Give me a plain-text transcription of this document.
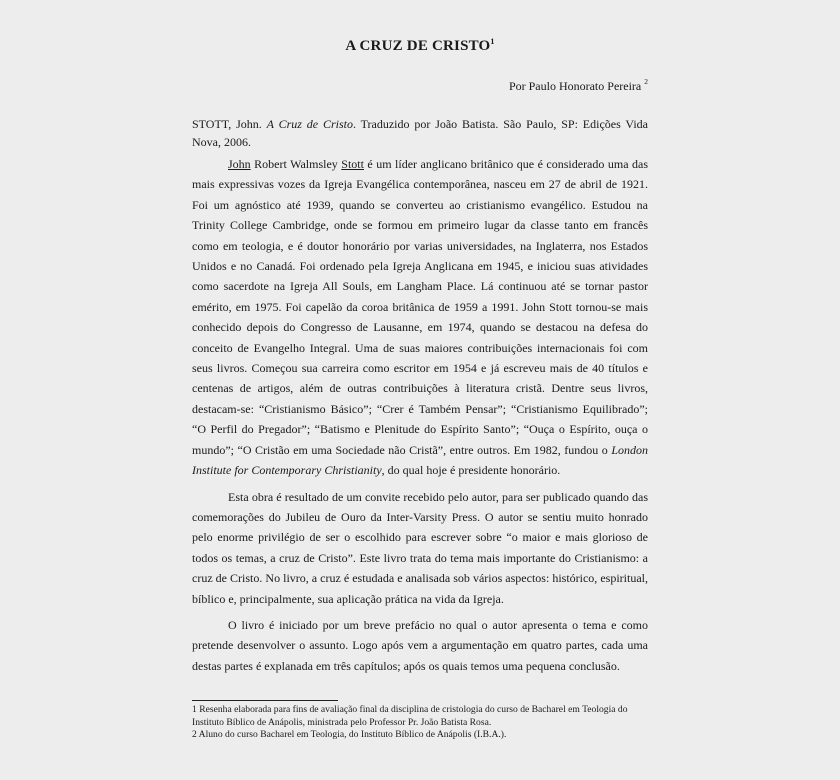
A CRUZ DE CRISTO$^1$
Por Paulo Honorato Pereira $^2$
STOTT, John. A Cruz de Cristo. Traduzido por João Batista. São Paulo, SP: Edições Vida Nova, 2006.

John Robert Walmsley Stott é um líder anglicano britânico que é considerado uma das mais expressivas vozes da Igreja Evangélica contemporânea, nasceu em 27 de abril de 1921. Foi um agnóstico até 1939, quando se converteu ao cristianismo evangélico. Estudou na Trinity College Cambridge, onde se formou em primeiro lugar da classe tanto em francês como em teologia, e é doutor honorário por varias universidades, na Inglaterra, nos Estados Unidos e no Canadá. Foi ordenado pela Igreja Anglicana em 1945, e iniciou suas atividades como sacerdote na Igreja All Souls, em Langham Place. Lá continuou até se tornar pastor emérito, em 1975. Foi capelão da coroa britânica de 1959 a 1991. John Stott tornou-se mais conhecido depois do Congresso de Lausanne, em 1974, quando se destacou na defesa do conceito de Evangelho Integral. Uma de suas maiores contribuições internacionais foi com seus livros. Começou sua carreira como escritor em 1954 e já escreveu mais de 40 títulos e centenas de artigos, além de outras contribuições à literatura cristã. Dentre seus livros, destacam-se: “Cristianismo Básico”; “Crer é Também Pensar”; “Cristianismo Equilibrado”; “O Perfil do Pregador”; “Batismo e Plenitude do Espírito Santo”; “Ouça o Espírito, ouça o mundo”; “O Cristão em uma Sociedade não Cristã”, entre outros. Em 1982, fundou o London Institute for Contemporary Christianity, do qual hoje é presidente honorário.

Esta obra é resultado de um convite recebido pelo autor, para ser publicado quando das comemorações do Jubileu de Ouro da Inter-Varsity Press. O autor se sentiu muito honrado pelo enorme privilégio de ser o escolhido para escrever sobre “o maior e mais glorioso de todos os temas, a cruz de Cristo”. Este livro trata do tema mais importante do Cristianismo: a cruz de Cristo. No livro, a cruz é estudada e analisada sob vários aspectos: histórico, espiritual, bíblico e, principalmente, sua aplicação prática na vida da Igreja.

O livro é iniciado por um breve prefácio no qual o autor apresenta o tema e como pretende desenvolver o assunto. Logo após vem a argumentação em quatro partes, cada uma destas partes é explanada em três capítulos; após os quais temos uma pequena conclusão.

1 Resenha elaborada para fins de avaliação final da disciplina de cristologia do curso de Bacharel em Teologia do Instituto Bíblico de Anápolis, ministrada pelo Professor Pr. João Batista Rosa.
2 Aluno do curso Bacharel em Teologia, do Instituto Bíblico de Anápolis (I.B.A.).
